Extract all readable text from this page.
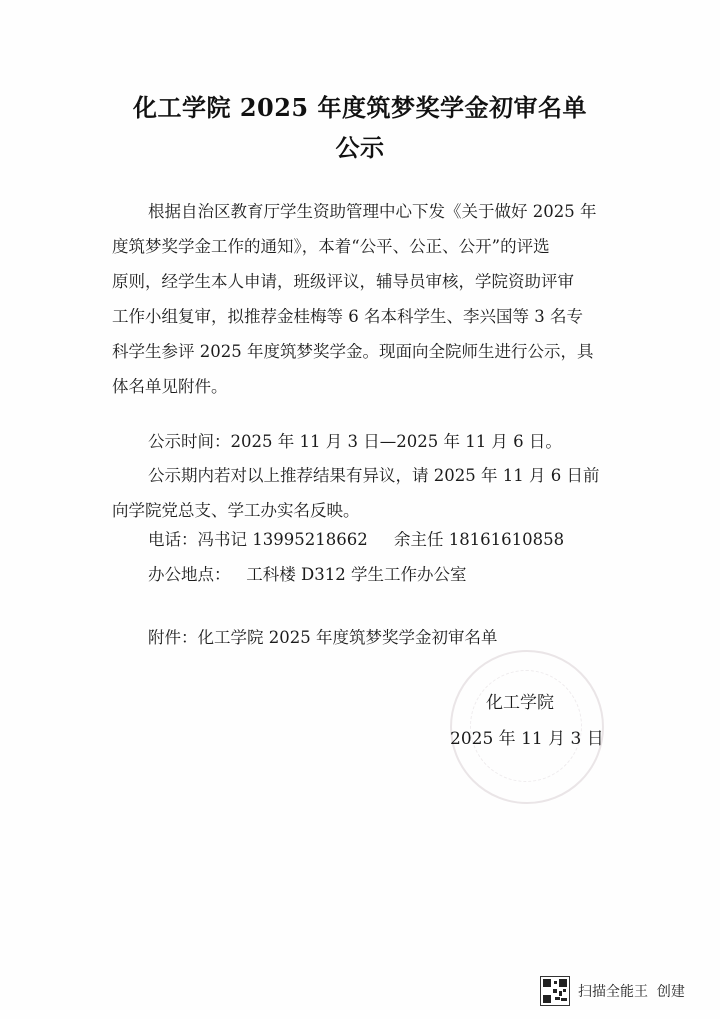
化工学院 2025 年度筑梦奖学金初审名单
公示
根据自治区教育厅学生资助管理中心下发《关于做好 2025 年
度筑梦奖学金工作的通知》，本着“公平、公正、公开”的评选
原则，经学生本人申请，班级评议，辅导员审核，学院资助评审
工作小组复审，拟推荐金桂梅等 6 名本科学生、李兴国等 3 名专
科学生参评 2025 年度筑梦奖学金。现面向全院师生进行公示，具
体名单见附件。
公示时间：2025 年 11 月 3 日—2025 年 11 月 6 日。
公示期内若对以上推荐结果有异议，请 2025 年 11 月 6 日前
向学院党总支、学工办实名反映。
电话：冯书记 13995218662     余主任 18161610858
办公地点：   工科楼 D312 学生工作办公室
附件：化工学院 2025 年度筑梦奖学金初审名单
化工学院
2025 年 11 月 3 日
扫描全能王  创建
